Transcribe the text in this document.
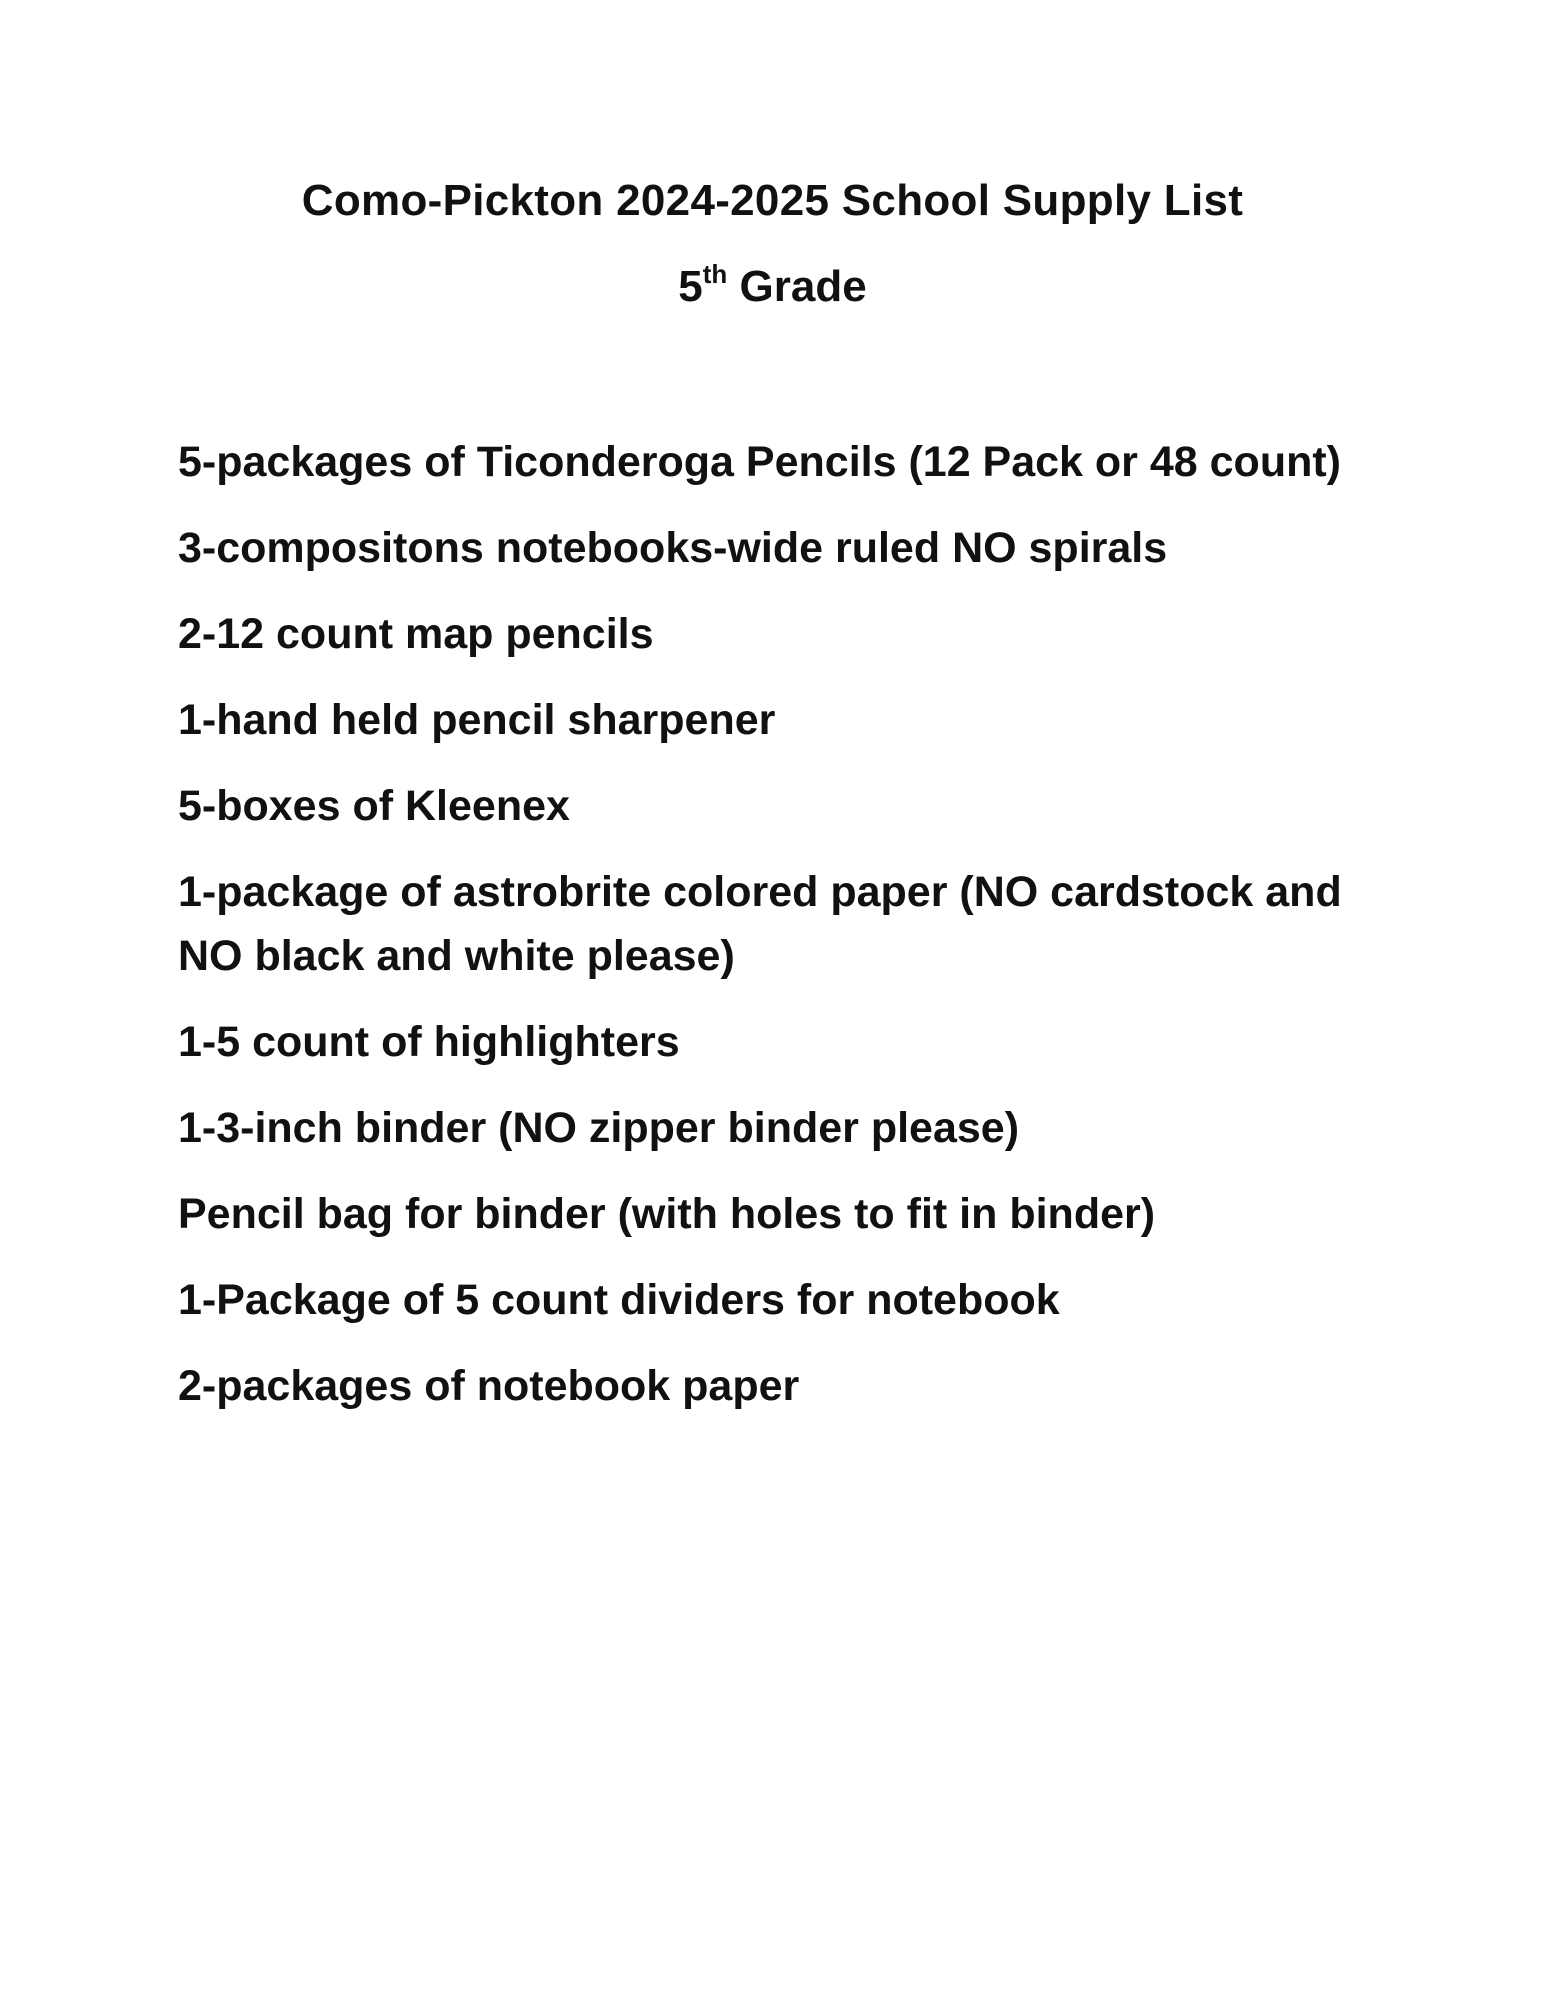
Como-Pickton 2024-2025 School Supply List
5th Grade
5-packages of Ticonderoga Pencils (12 Pack or 48 count)
3-compositons notebooks-wide ruled NO spirals
2-12 count map pencils
1-hand held pencil sharpener
5-boxes of Kleenex
1-package of astrobrite colored paper (NO cardstock and NO black and white please)
1-5 count of highlighters
1-3-inch binder (NO zipper binder please)
Pencil bag for binder (with holes to fit in binder)
1-Package of 5 count dividers for notebook
2-packages of notebook paper
